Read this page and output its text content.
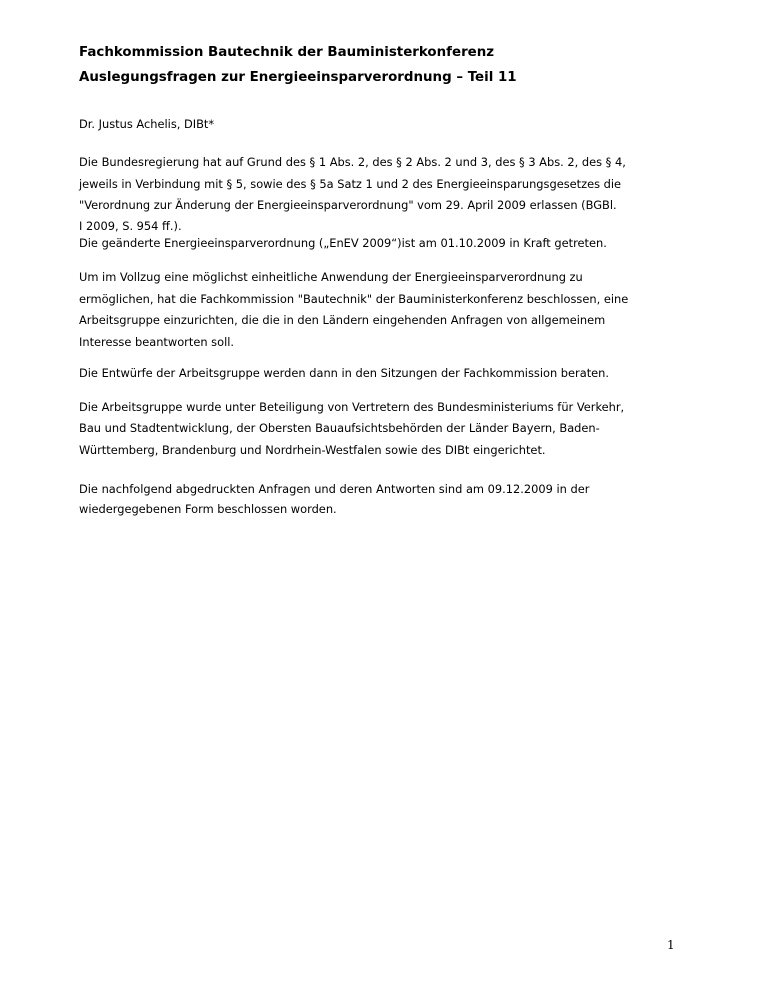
Fachkommission Bautechnik der Bauministerkonferenz
Auslegungsfragen zur Energieeinsparverordnung – Teil 11
Dr. Justus Achelis, DIBt*
Die Bundesregierung hat auf Grund des § 1 Abs. 2, des § 2 Abs. 2 und 3, des § 3 Abs. 2, des § 4,
jeweils in Verbindung mit § 5, sowie des § 5a Satz 1 und 2 des Energieeinsparungsgesetzes die
"Verordnung zur Änderung der Energieeinsparverordnung" vom 29. April 2009 erlassen (BGBl.
I 2009, S. 954 ff.).
Die geänderte Energieeinsparverordnung („EnEV 2009“)ist am 01.10.2009 in Kraft getreten.
Um im Vollzug eine möglichst einheitliche Anwendung der Energieeinsparverordnung zu
ermöglichen, hat die Fachkommission "Bautechnik" der Bauministerkonferenz beschlossen, eine
Arbeitsgruppe einzurichten, die die in den Ländern eingehenden Anfragen von allgemeinem
Interesse beantworten soll.
Die Entwürfe der Arbeitsgruppe werden dann in den Sitzungen der Fachkommission beraten.
Die Arbeitsgruppe wurde unter Beteiligung von Vertretern des Bundesministeriums für Verkehr,
Bau und Stadtentwicklung, der Obersten Bauaufsichtsbehörden der Länder Bayern, Baden-
Württemberg, Brandenburg und Nordrhein-Westfalen sowie des DIBt eingerichtet.
Die nachfolgend abgedruckten Anfragen und deren Antworten sind am 09.12.2009 in der
wiedergegebenen Form beschlossen worden.
1
